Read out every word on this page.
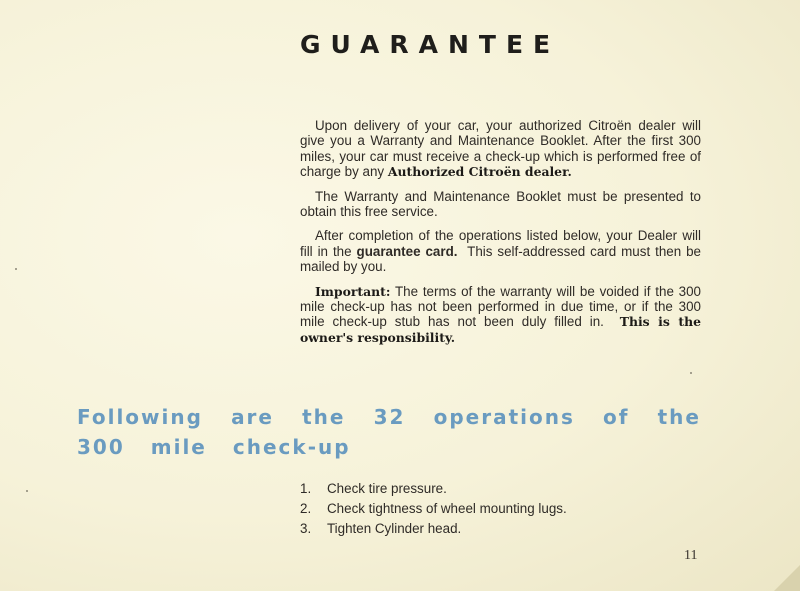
GUARANTEE

Upon delivery of your car, your authorized Citroën dealer will give you a Warranty and Maintenance Booklet. After the first 300 miles, your car must receive a check-up which is performed free of charge by any Authorized Citroën dealer.

The Warranty and Maintenance Booklet must be presented to obtain this free service.

After completion of the operations listed below, your Dealer will fill in the guarantee card. This self-addressed card must then be mailed by you.

Important: The terms of the warranty will be voided if the 300 mile check-up has not been performed in due time, or if the 300 mile check-up stub has not been duly filled in. This is the owner's responsibility.

Following are the 32 operations of the
300 mile check-up
1.	Check tire pressure.
2.	Check tightness of wheel mounting lugs.
3.	Tighten Cylinder head.
11
